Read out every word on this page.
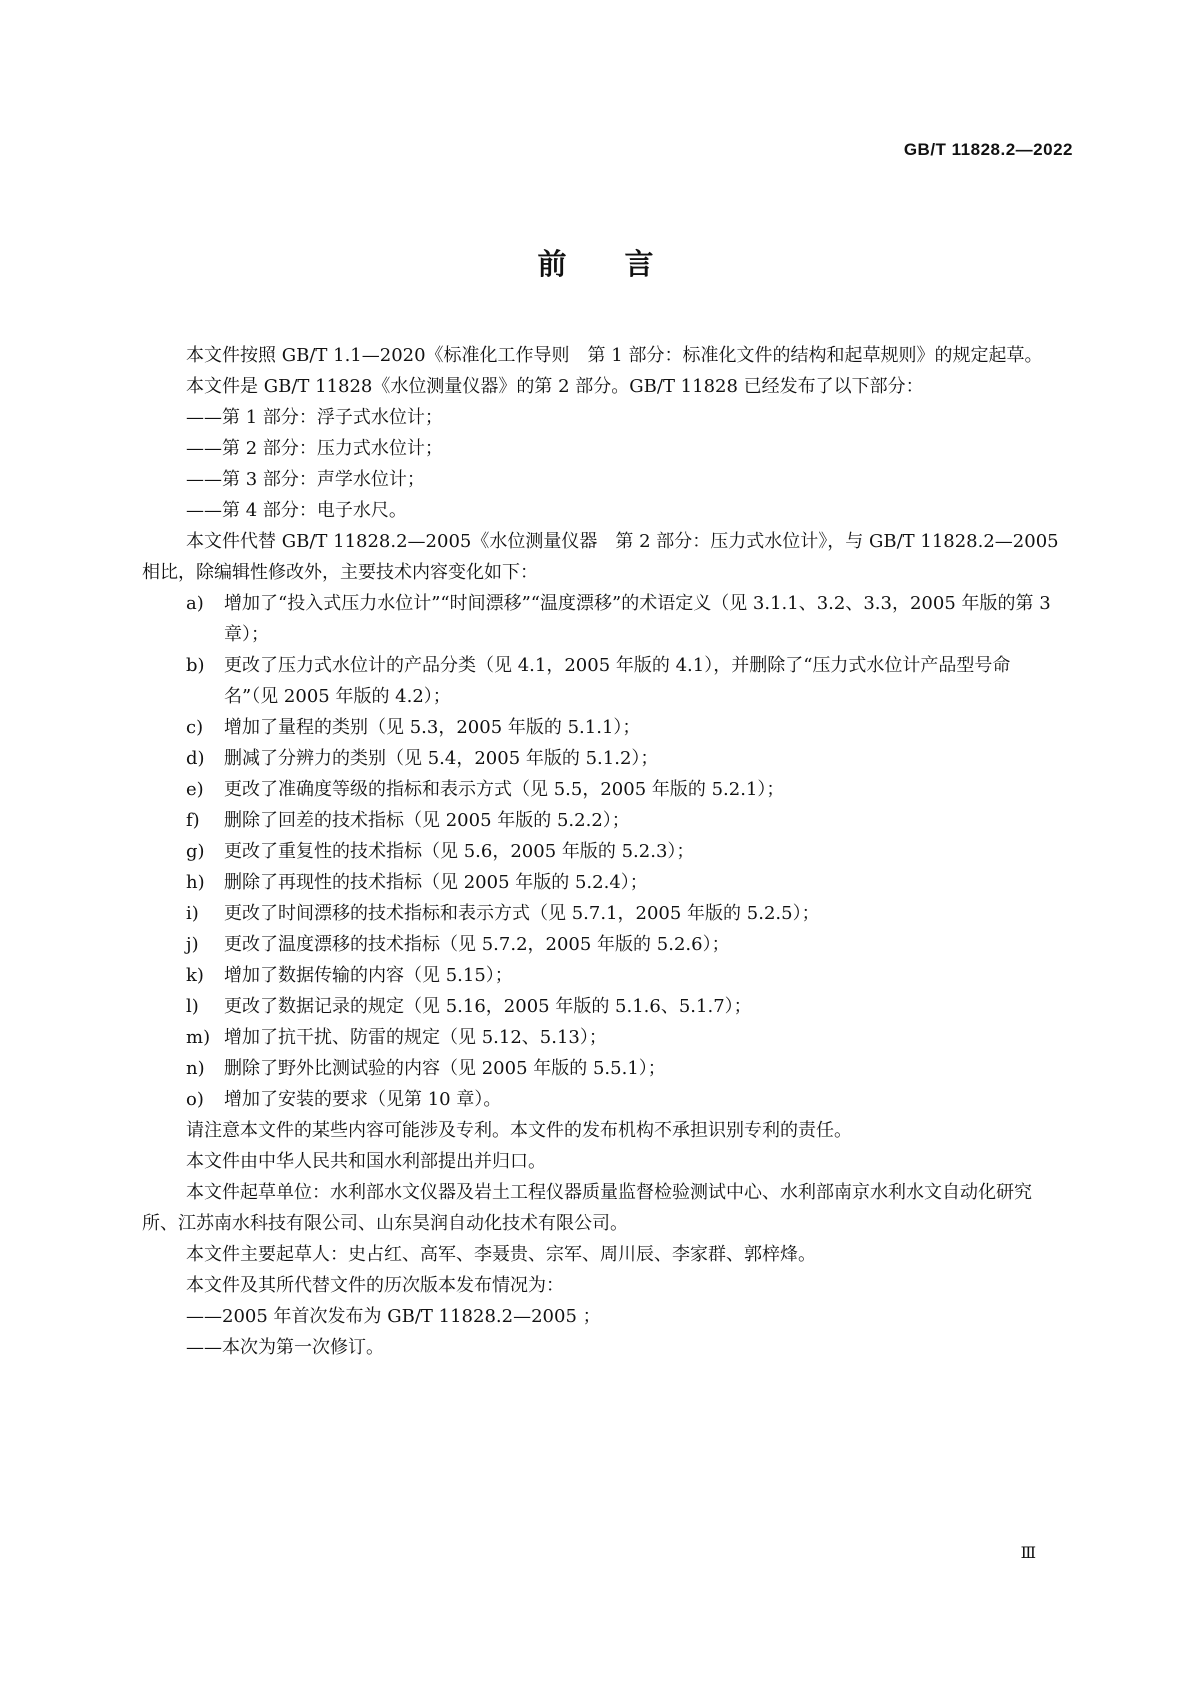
GB/T 11828.2—2022
前言

本文件按照 GB/T 1.1—2020《标准化工作导则　第 1 部分：标准化文件的结构和起草规则》的规定起草。

本文件是 GB/T 11828《水位测量仪器》的第 2 部分。GB/T 11828 已经发布了以下部分：

——第 1 部分：浮子式水位计；

——第 2 部分：压力式水位计；

——第 3 部分：声学水位计；

——第 4 部分：电子水尺。

本文件代替 GB/T 11828.2—2005《水位测量仪器　第 2 部分：压力式水位计》，与 GB/T 11828.2—2005 相比，除编辑性修改外，主要技术内容变化如下：

a) 增加了“投入式压力水位计”“时间漂移”“温度漂移”的术语定义（见 3.1.1、3.2、3.3，2005 年版的第 3 章）；
b) 更改了压力式水位计的产品分类（见 4.1，2005 年版的 4.1），并删除了“压力式水位计产品型号命名”（见 2005 年版的 4.2）；
c) 增加了量程的类别（见 5.3，2005 年版的 5.1.1）；
d) 删减了分辨力的类别（见 5.4，2005 年版的 5.1.2）；
e) 更改了准确度等级的指标和表示方式（见 5.5，2005 年版的 5.2.1）；
f) 删除了回差的技术指标（见 2005 年版的 5.2.2）；
g) 更改了重复性的技术指标（见 5.6，2005 年版的 5.2.3）；
h) 删除了再现性的技术指标（见 2005 年版的 5.2.4）；
i) 更改了时间漂移的技术指标和表示方式（见 5.7.1，2005 年版的 5.2.5）；
j) 更改了温度漂移的技术指标（见 5.7.2，2005 年版的 5.2.6）；
k) 增加了数据传输的内容（见 5.15）；
l) 更改了数据记录的规定（见 5.16，2005 年版的 5.1.6、5.1.7）；
m) 增加了抗干扰、防雷的规定（见 5.12、5.13）；
n) 删除了野外比测试验的内容（见 2005 年版的 5.5.1）；
o) 增加了安装的要求（见第 10 章）。

请注意本文件的某些内容可能涉及专利。本文件的发布机构不承担识别专利的责任。

本文件由中华人民共和国水利部提出并归口。

本文件起草单位：水利部水文仪器及岩土工程仪器质量监督检验测试中心、水利部南京水利水文自动化研究所、江苏南水科技有限公司、山东昊润自动化技术有限公司。

本文件主要起草人：史占红、高军、李聂贵、宗军、周川辰、李家群、郭梓烽。

本文件及其所代替文件的历次版本发布情况为：

——2005 年首次发布为 GB/T 11828.2—2005 ；

——本次为第一次修订。

Ⅲ
